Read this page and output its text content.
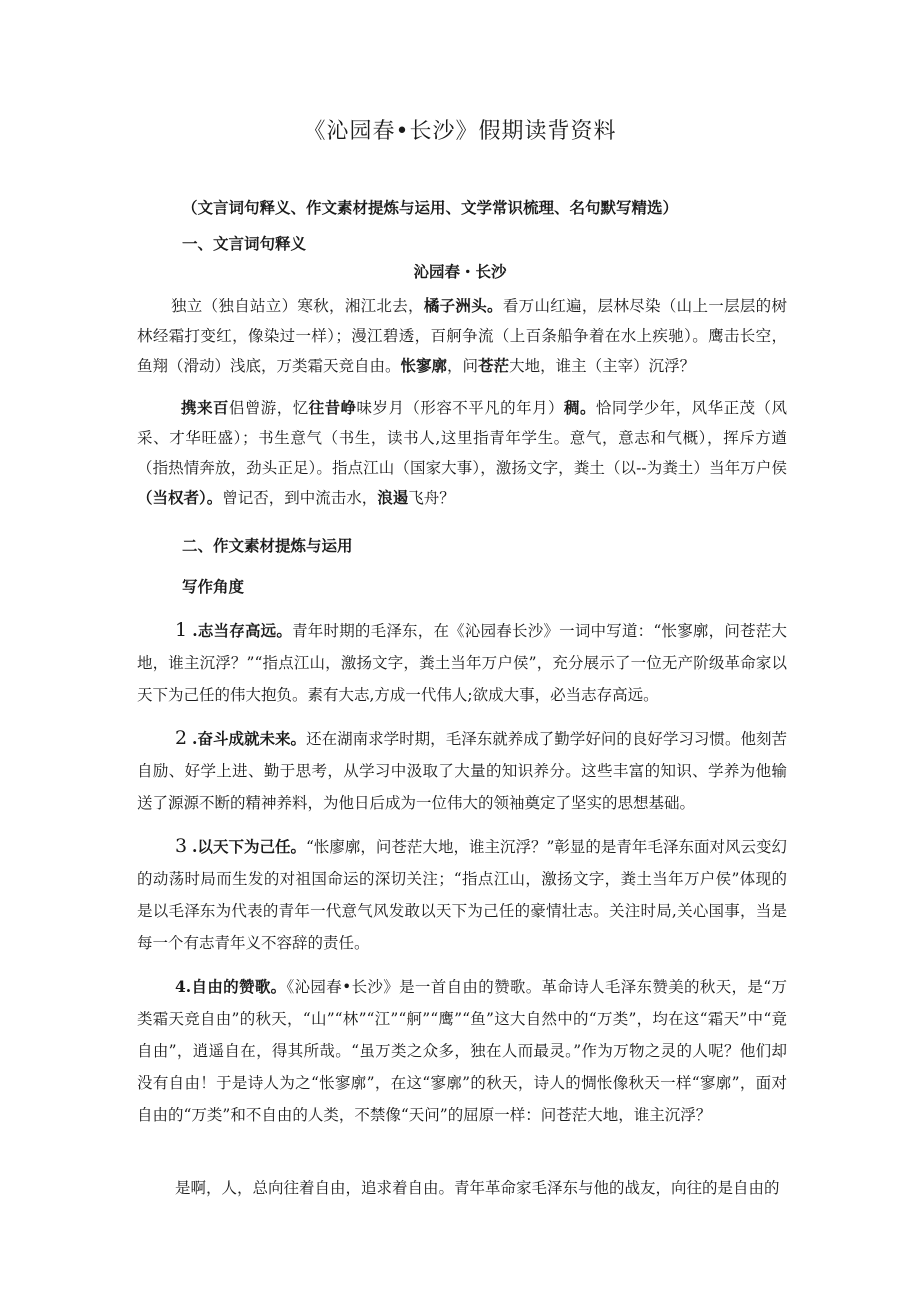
《沁园春•长沙》假期读背资料
（文言词句释义、作文素材提炼与运用、文学常识梳理、名句默写精选）
一、文言词句释义
沁园春・长沙
独立（独自站立）寒秋，湘江北去，橘子洲头。看万山红遍，层林尽染（山上一层层的树林经霜打变红，像染过一样）；漫江碧透，百舸争流（上百条船争着在水上疾驰）。鹰击长空，鱼翔（滑动）浅底，万类霜天竞自由。怅寥廓，问苍茫大地，谁主（主宰）沉浮？
携来百侣曾游，忆往昔峥味岁月（形容不平凡的年月）稠。恰同学少年，风华正茂（风采、才华旺盛）；书生意气（书生，读书人,这里指青年学生。意气，意志和气概），挥斥方遒（指热情奔放，劲头正足）。指点江山（国家大事），激扬文字，粪土（以--为粪土）当年万户侯（当权者）。曾记否，到中流击水，浪遏飞舟？
二、作文素材提炼与运用
写作角度
1 .志当存高远。青年时期的毛泽东，在《沁园春长沙》一词中写道：“怅寥廓，问苍茫大地，谁主沉浮？”“指点江山，激扬文字，粪土当年万户侯”，充分展示了一位无产阶级革命家以天下为己任的伟大抱负。素有大志,方成一代伟人;欲成大事，必当志存高远。
2 .奋斗成就未来。还在湖南求学时期，毛泽东就养成了勤学好问的良好学习习惯。他刻苦自励、好学上进、勤于思考，从学习中汲取了大量的知识养分。这些丰富的知识、学养为他输送了源源不断的精神养料，为他日后成为一位伟大的领袖奠定了坚实的思想基础。
3 .以天下为己任。“怅廖廓，问苍茫大地，谁主沉浮？”彰显的是青年毛泽东面对风云变幻的动荡时局而生发的对祖国命运的深切关注；“指点江山，激扬文字，粪土当年万户侯”体现的是以毛泽东为代表的青年一代意气风发敢以天下为己任的豪情壮志。关注时局,关心国事，当是每一个有志青年义不容辞的责任。
4.自由的赞歌。《沁园春•长沙》是一首自由的赞歌。革命诗人毛泽东赞美的秋天，是“万类霜天竞自由”的秋天，“山”“林”“江”“舸”“鹰”“鱼”这大自然中的“万类”，均在这“霜天”中“竟自由”，逍遥自在，得其所哉。“虽万类之众多，独在人而最灵。”作为万物之灵的人呢？他们却没有自由！于是诗人为之“怅寥廓”，在这“寥廓”的秋天，诗人的惆怅像秋天一样“寥廓”，面对自由的“万类”和不自由的人类，不禁像“天问”的屈原一样：问苍茫大地，谁主沉浮？
是啊，人，总向往着自由，追求着自由。青年革命家毛泽东与他的战友，向往的是自由的
